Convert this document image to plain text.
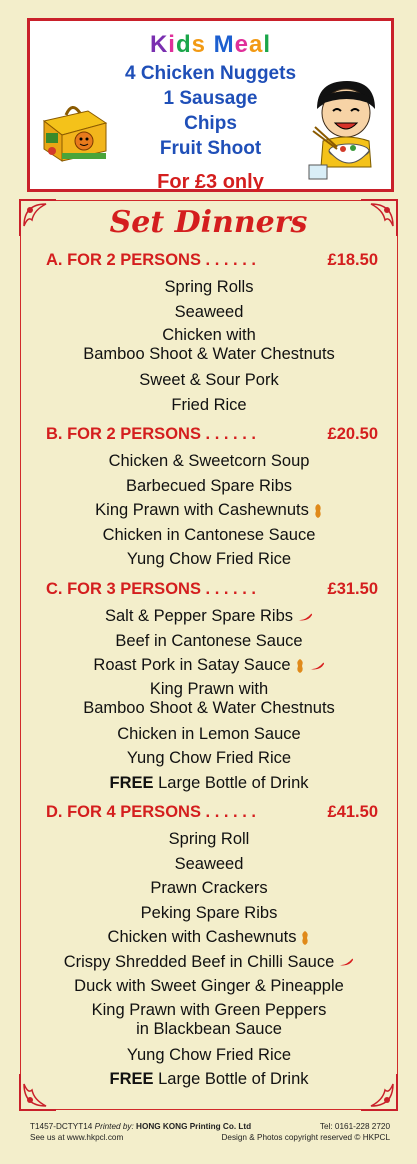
Kids Meal
4 Chicken Nuggets
1 Sausage
Chips
Fruit Shoot
For £3 only
Set Dinners
A. FOR 2 PERSONS . . . . . .	£18.50
Spring Rolls
Seaweed
Chicken with
Bamboo Shoot & Water Chestnuts
Sweet & Sour Pork
Fried Rice
B. FOR 2 PERSONS . . . . . .	£20.50
Chicken & Sweetcorn Soup
Barbecued Spare Ribs
King Prawn with Cashewnuts
Chicken in Cantonese Sauce
Yung Chow Fried Rice
C. FOR 3 PERSONS . . . . . .	£31.50
Salt & Pepper Spare Ribs
Beef in Cantonese Sauce
Roast Pork in Satay Sauce
King Prawn with
Bamboo Shoot & Water Chestnuts
Chicken in Lemon Sauce
Yung Chow Fried Rice
FREE Large Bottle of Drink
D. FOR 4 PERSONS . . . . . .	£41.50
Spring Roll
Seaweed
Prawn Crackers
Peking Spare Ribs
Chicken with Cashewnuts
Crispy Shredded Beef in Chilli Sauce
Duck with Sweet Ginger & Pineapple
King Prawn with Green Peppers
in Blackbean Sauce
Yung Chow Fried Rice
FREE Large Bottle of Drink
T1457-DCTYT14 Printed by: HONG KONG Printing Co. Ltd	Tel: 0161-228 2720
See us at www.hkpcl.com	Design & Photos copyright reserved © HKPCL
